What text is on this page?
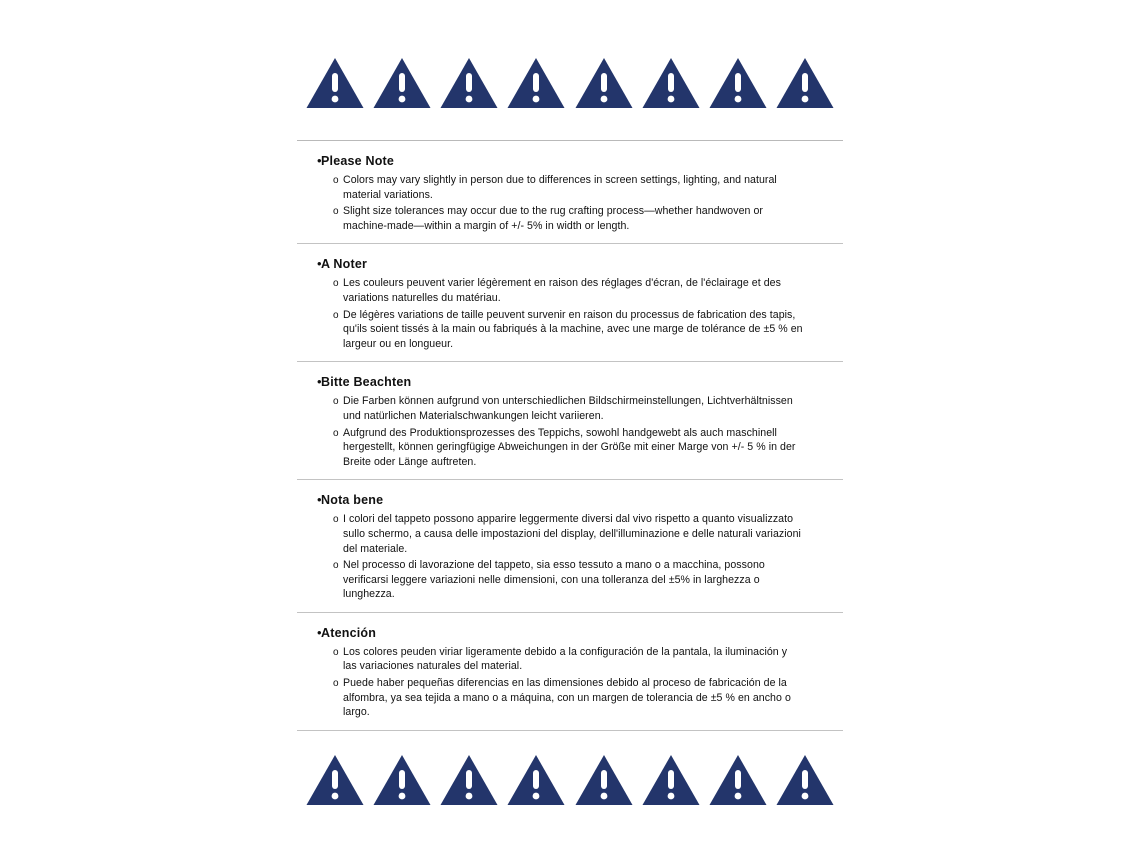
• Please Note
o Colors may vary slightly in person due to differences in screen settings, lighting, and natural material variations.
o Slight size tolerances may occur due to the rug crafting process—whether handwoven or machine-made—within a margin of +/- 5% in width or length.
• A Noter
o Les couleurs peuvent varier légèrement en raison des réglages d'écran, de l'éclairage et des variations naturelles du matériau.
o De légères variations de taille peuvent survenir en raison du processus de fabrication des tapis, qu'ils soient tissés à la main ou fabriqués à la machine, avec une marge de tolérance de ±5 % en largeur ou en longueur.
• Bitte Beachten
o Die Farben können aufgrund von unterschiedlichen Bildschirmeinstellungen, Lichtverhältnissen und natürlichen Materialschwankungen leicht variieren.
o Aufgrund des Produktionsprozesses des Teppichs, sowohl handgewebt als auch maschinell hergestellt, können geringfügige Abweichungen in der Größe mit einer Marge von +/- 5 % in der Breite oder Länge auftreten.
• Nota bene
o I colori del tappeto possono apparire leggermente diversi dal vivo rispetto a quanto visualizzato sullo schermo, a causa delle impostazioni del display, dell'illuminazione e delle naturali variazioni del materiale.
o Nel processo di lavorazione del tappeto, sia esso tessuto a mano o a macchina, possono verificarsi leggere variazioni nelle dimensioni, con una tolleranza del ±5% in larghezza o lunghezza.
• Atención
o Los colores peuden viriar ligeramente debido a la configuración de la pantala, la iluminación y las variaciones naturales del material.
o Puede haber pequeñas diferencias en las dimensiones debido al proceso de fabricación de la alfombra, ya sea tejida a mano o a máquina, con un margen de tolerancia de ±5 % en ancho o largo.
